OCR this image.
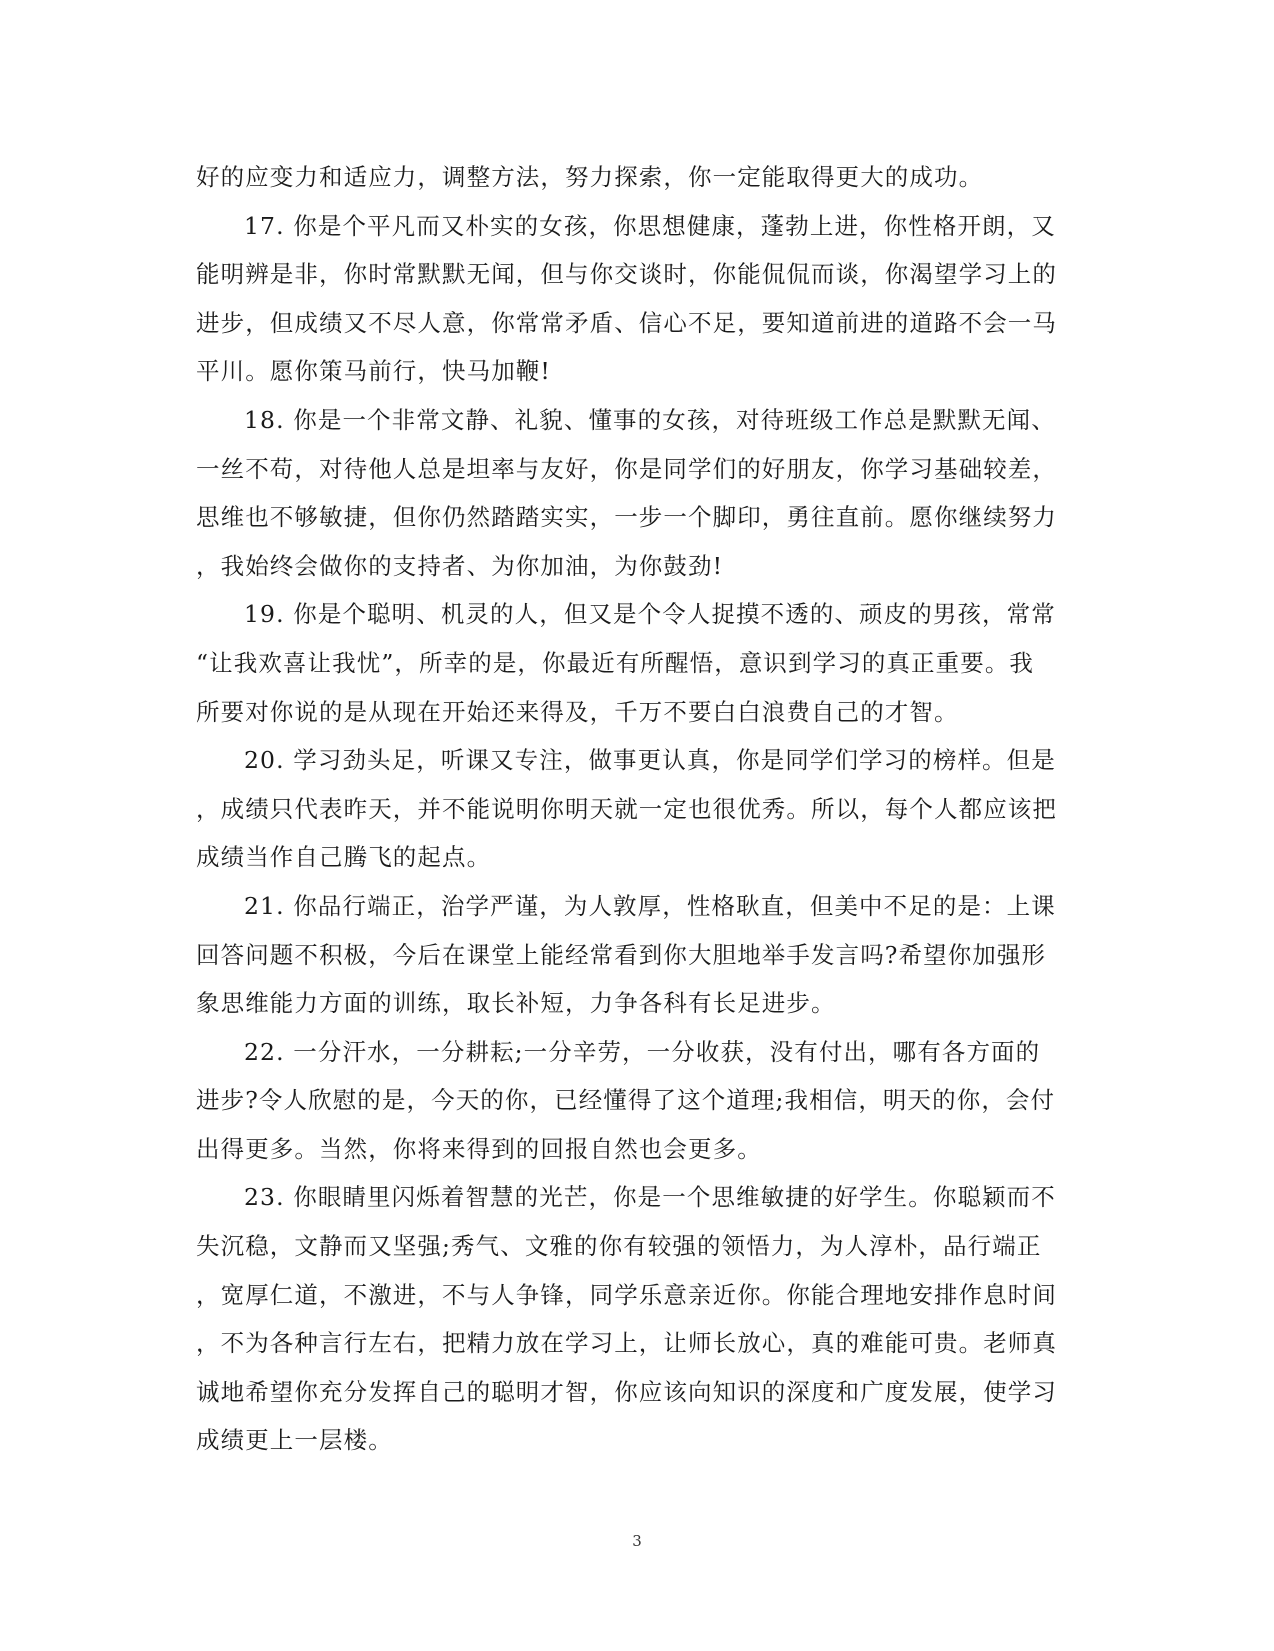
好的应变力和适应力，调整方法，努力探索，你一定能取得更大的成功。
17. 你是个平凡而又朴实的女孩，你思想健康，蓬勃上进，你性格开朗，又
能明辨是非，你时常默默无闻，但与你交谈时，你能侃侃而谈，你渴望学习上的
进步，但成绩又不尽人意，你常常矛盾、信心不足，要知道前进的道路不会一马
平川。愿你策马前行，快马加鞭!
18. 你是一个非常文静、礼貌、懂事的女孩，对待班级工作总是默默无闻、
一丝不苟，对待他人总是坦率与友好，你是同学们的好朋友，你学习基础较差，
思维也不够敏捷，但你仍然踏踏实实，一步一个脚印，勇往直前。愿你继续努力
，我始终会做你的支持者、为你加油，为你鼓劲!
19. 你是个聪明、机灵的人，但又是个令人捉摸不透的、顽皮的男孩，常常
“让我欢喜让我忧”，所幸的是，你最近有所醒悟，意识到学习的真正重要。我
所要对你说的是从现在开始还来得及，千万不要白白浪费自己的才智。
20. 学习劲头足，听课又专注，做事更认真，你是同学们学习的榜样。但是
，成绩只代表昨天，并不能说明你明天就一定也很优秀。所以，每个人都应该把
成绩当作自己腾飞的起点。
21. 你品行端正，治学严谨，为人敦厚，性格耿直，但美中不足的是：上课
回答问题不积极，今后在课堂上能经常看到你大胆地举手发言吗?希望你加强形
象思维能力方面的训练，取长补短，力争各科有长足进步。
22. 一分汗水，一分耕耘;一分辛劳，一分收获，没有付出，哪有各方面的
进步?令人欣慰的是，今天的你，已经懂得了这个道理;我相信，明天的你，会付
出得更多。当然，你将来得到的回报自然也会更多。
23. 你眼睛里闪烁着智慧的光芒，你是一个思维敏捷的好学生。你聪颖而不
失沉稳，文静而又坚强;秀气、文雅的你有较强的领悟力，为人淳朴，品行端正
，宽厚仁道，不激进，不与人争锋，同学乐意亲近你。你能合理地安排作息时间
，不为各种言行左右，把精力放在学习上，让师长放心，真的难能可贵。老师真
诚地希望你充分发挥自己的聪明才智，你应该向知识的深度和广度发展，使学习
成绩更上一层楼。
3
